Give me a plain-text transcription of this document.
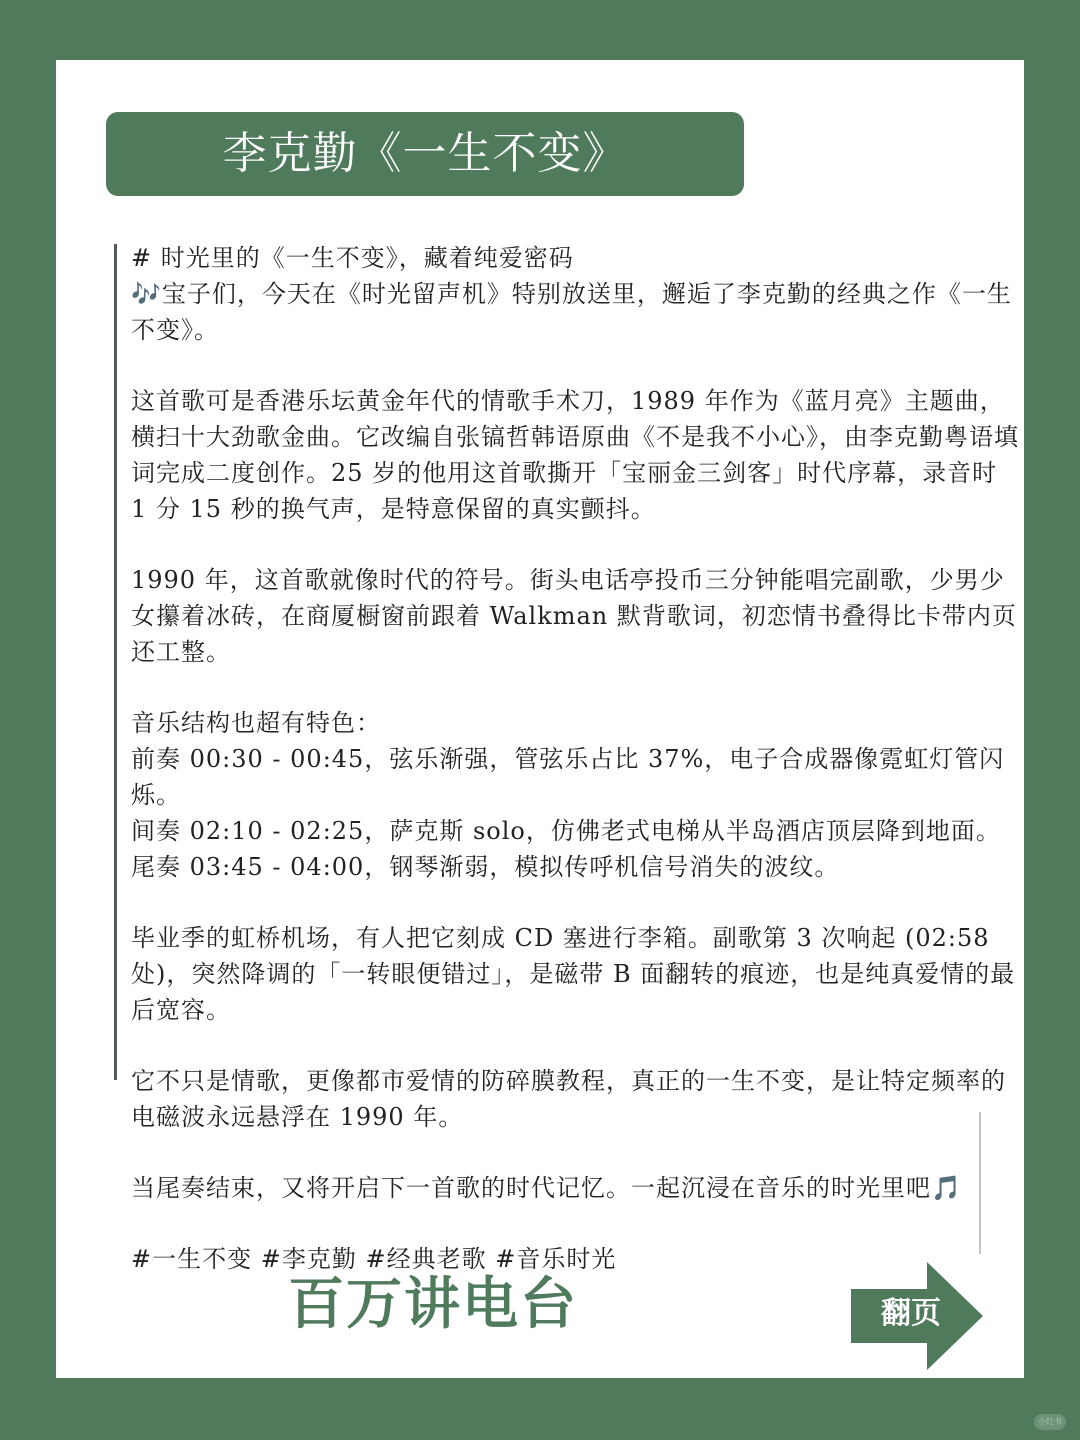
李克勤《一生不变》

# 时光里的《一生不变》，藏着纯爱密码

🎶宝子们，今天在《时光留声机》特别放送里，邂逅了李克勤的经典之作《一生不变》。

这首歌可是香港乐坛黄金年代的情歌手术刀，1989 年作为《蓝月亮》主题曲，横扫十大劲歌金曲。它改编自张镐哲韩语原曲《不是我不小心》，由李克勤粤语填词完成二度创作。25 岁的他用这首歌撕开「宝丽金三剑客」时代序幕，录音时 1 分 15 秒的换气声，是特意保留的真实颤抖。

1990 年，这首歌就像时代的符号。街头电话亭投币三分钟能唱完副歌，少男少女攥着冰砖，在商厦橱窗前跟着 Walkman 默背歌词，初恋情书叠得比卡带内页还工整。

音乐结构也超有特色：

前奏 00:30 - 00:45，弦乐渐强，管弦乐占比 37%，电子合成器像霓虹灯管闪烁。

间奏 02:10 - 02:25，萨克斯 solo，仿佛老式电梯从半岛酒店顶层降到地面。

尾奏 03:45 - 04:00，钢琴渐弱，模拟传呼机信号消失的波纹。

毕业季的虹桥机场，有人把它刻成 CD 塞进行李箱。副歌第 3 次响起 (02:58 处)，突然降调的「一转眼便错过」，是磁带 B 面翻转的痕迹，也是纯真爱情的最后宽容。

它不只是情歌，更像都市爱情的防碎膜教程，真正的一生不变，是让特定频率的电磁波永远悬浮在 1990 年。

当尾奏结束，又将开启下一首歌的时代记忆。一起沉浸在音乐的时光里吧🎵

#一生不变 #李克勤 #经典老歌 #音乐时光

百万讲电台	翻页
小红书
